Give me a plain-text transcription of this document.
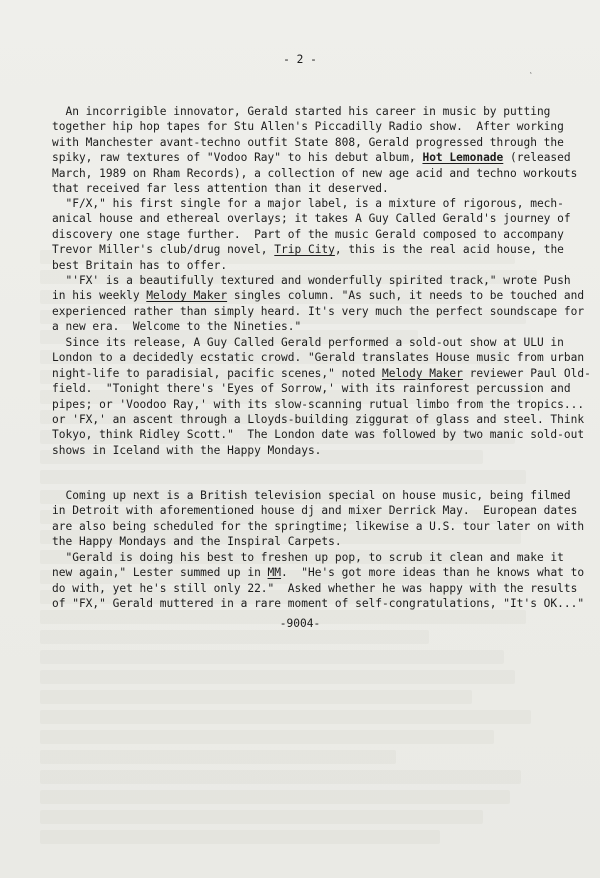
ʽ
- 2 -
An incorrigible innovator, Gerald started his career in music by putting
together hip hop tapes for Stu Allen's Piccadilly Radio show.  After working
with Manchester avant-techno outfit State 808, Gerald progressed through the
spiky, raw textures of "Vodoo Ray" to his debut album, Hot Lemonade (released
March, 1989 on Rham Records), a collection of new age acid and techno workouts
that received far less attention than it deserved.
"F/X," his first single for a major label, is a mixture of rigorous, mech-
anical house and ethereal overlays; it takes A Guy Called Gerald's journey of
discovery one stage further.  Part of the music Gerald composed to accompany
Trevor Miller's club/drug novel, Trip City, this is the real acid house, the
best Britain has to offer.
"'FX' is a beautifully textured and wonderfully spirited track," wrote Push
in his weekly Melody Maker singles column. "As such, it needs to be touched and
experienced rather than simply heard. It's very much the perfect soundscape for
a new era.  Welcome to the Nineties."
Since its release, A Guy Called Gerald performed a sold-out show at ULU in
London to a decidedly ecstatic crowd. "Gerald translates House music from urban
night-life to paradisial, pacific scenes," noted Melody Maker reviewer Paul Old-
field.  "Tonight there's 'Eyes of Sorrow,' with its rainforest percussion and
pipes; or 'Voodoo Ray,' with its slow-scanning rutual limbo from the tropics...
or 'FX,' an ascent through a Lloyds-building ziggurat of glass and steel. Think
Tokyo, think Ridley Scott."  The London date was followed by two manic sold-out
shows in Iceland with the Happy Mondays.
Coming up next is a British television special on house music, being filmed
in Detroit with aforementioned house dj and mixer Derrick May.  European dates
are also being scheduled for the springtime; likewise a U.S. tour later on with
the Happy Mondays and the Inspiral Carpets.
"Gerald is doing his best to freshen up pop, to scrub it clean and make it
new again," Lester summed up in MM.  "He's got more ideas than he knows what to
do with, yet he's still only 22."  Asked whether he was happy with the results
of "FX," Gerald muttered in a rare moment of self-congratulations, "It's OK..."
-9004-
